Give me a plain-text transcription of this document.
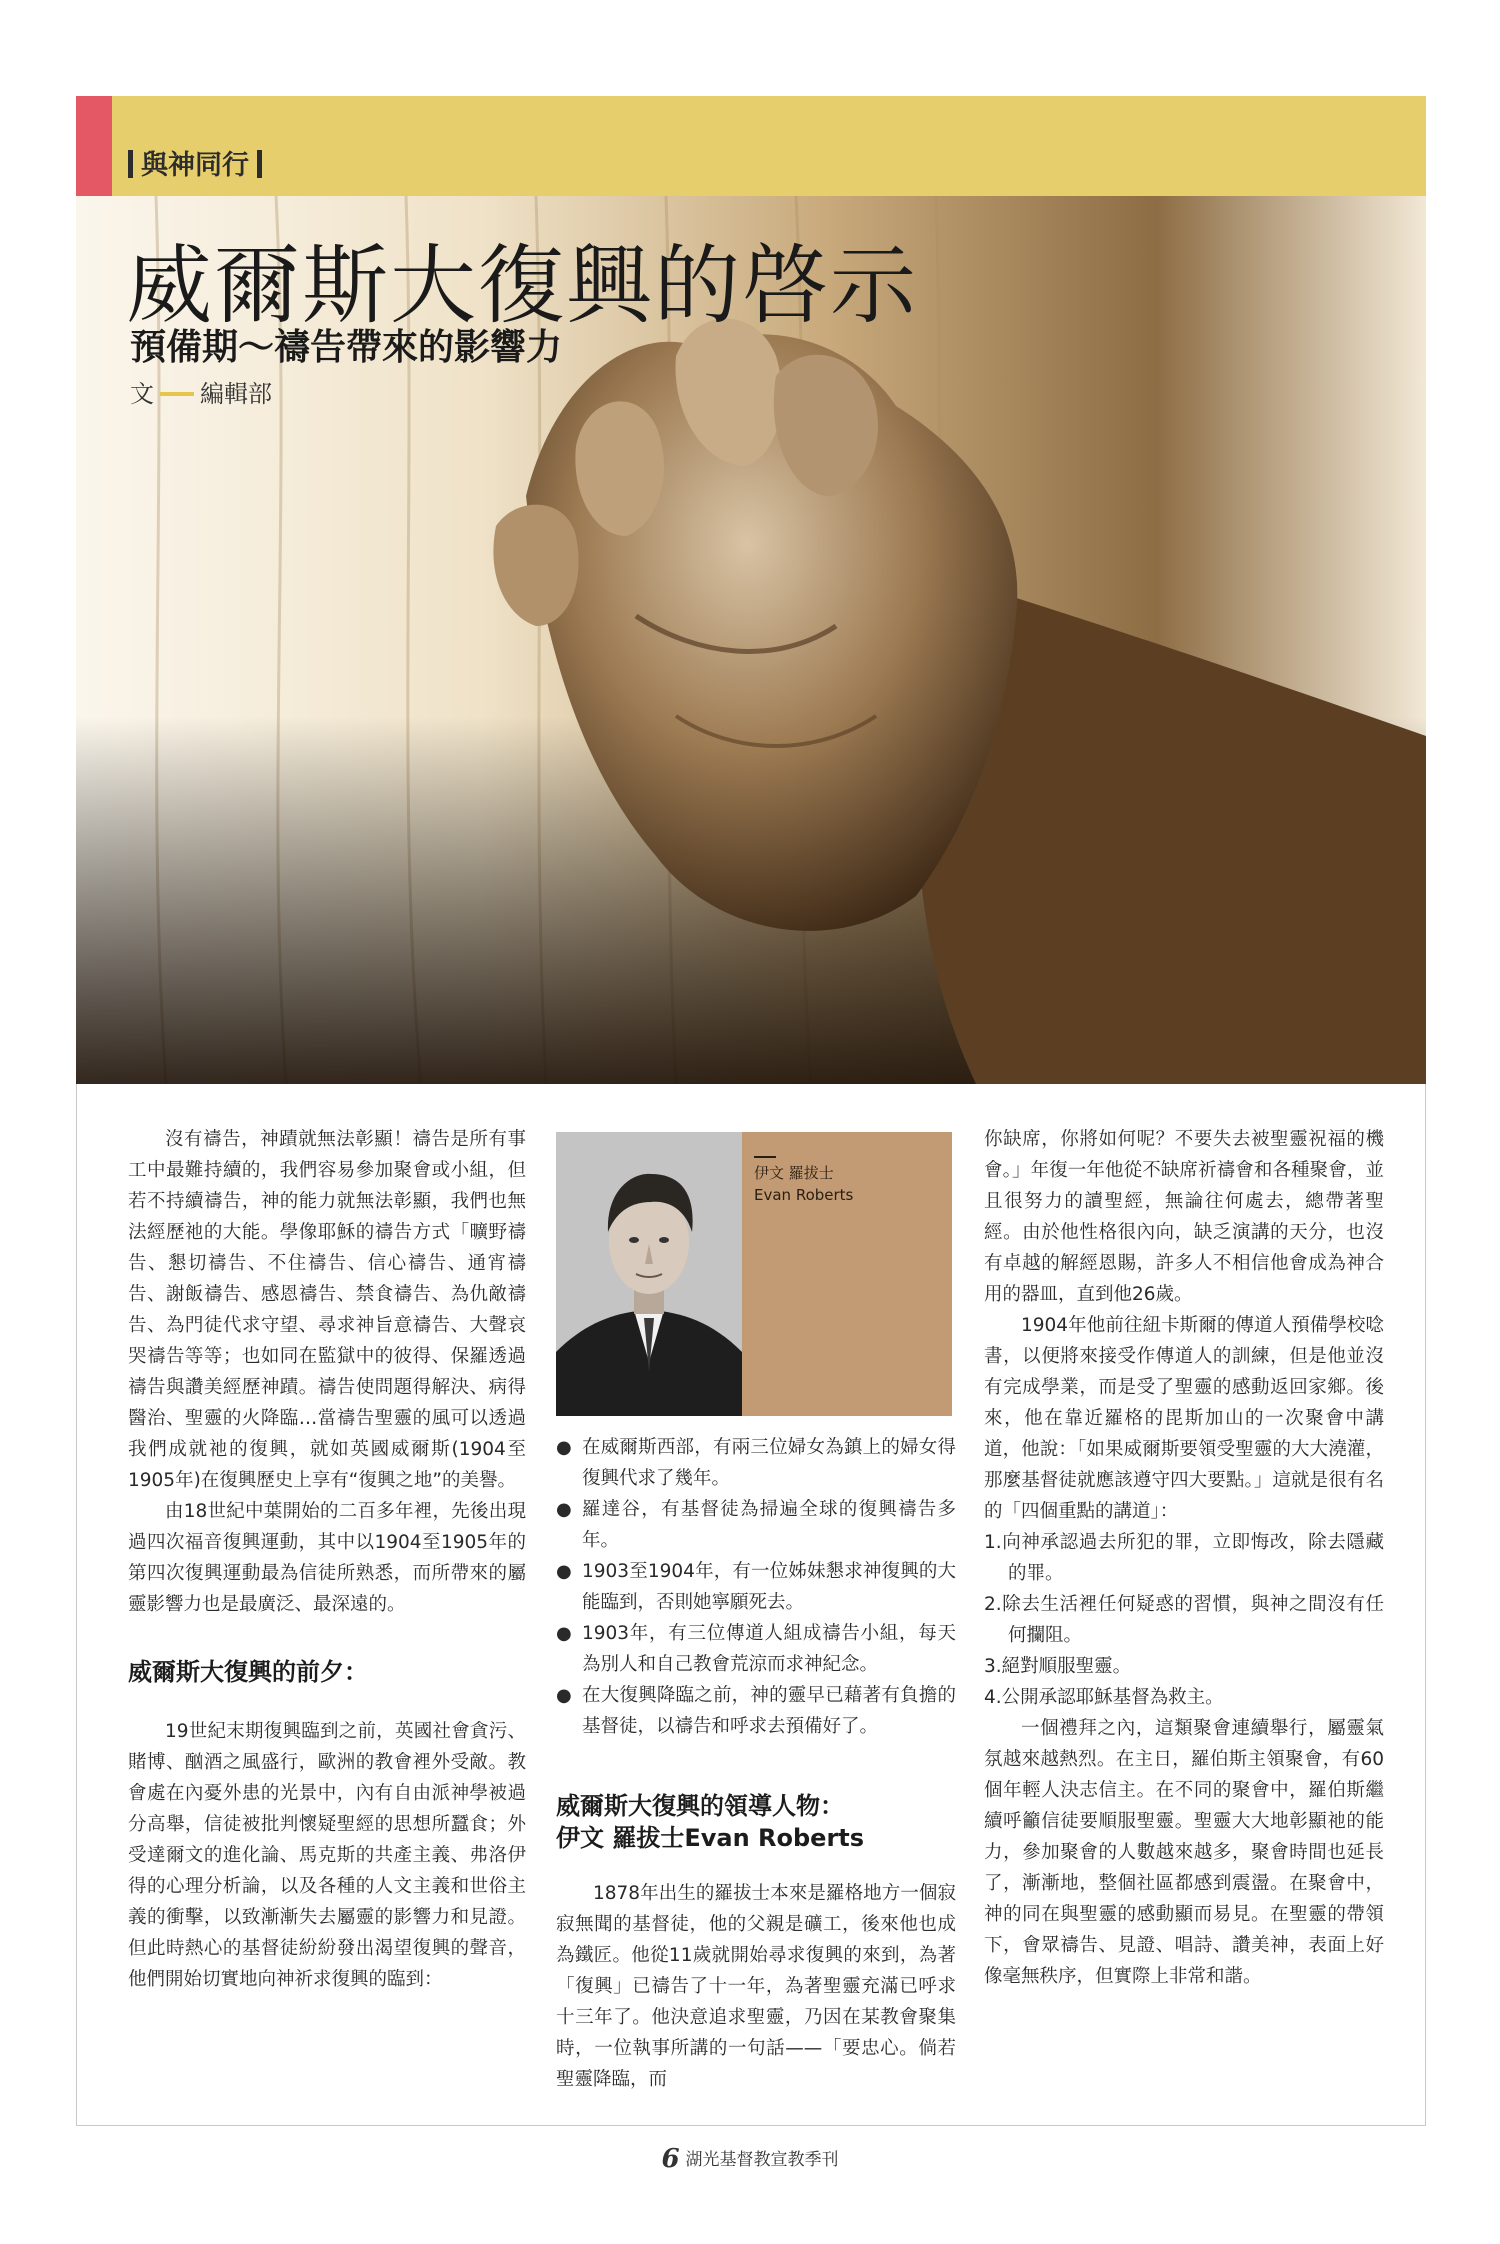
與神同行
威爾斯大復興的啓示
預備期～禱告帶來的影響力
文 編輯部

沒有禱告，神蹟就無法彰顯！禱告是所有事工中最難持續的，我們容易參加聚會或小組，但若不持續禱告，神的能力就無法彰顯，我們也無法經歷祂的大能。學像耶穌的禱告方式「曠野禱告、懇切禱告、不住禱告、信心禱告、通宵禱告、謝飯禱告、感恩禱告、禁食禱告、為仇敵禱告、為門徒代求守望、尋求神旨意禱告、大聲哀哭禱告等等；也如同在監獄中的彼得、保羅透過禱告與讚美經歷神蹟。禱告使問題得解決、病得醫治、聖靈的火降臨…當禱告聖靈的風可以透過我們成就祂的復興，就如英國威爾斯(1904至1905年)在復興歷史上享有“復興之地”的美譽。

由18世紀中葉開始的二百多年裡，先後出現過四次福音復興運動，其中以1904至1905年的第四次復興運動最為信徒所熟悉，而所帶來的屬靈影響力也是最廣泛、最深遠的。

威爾斯大復興的前夕：

19世紀末期復興臨到之前，英國社會貪污、賭博、酗酒之風盛行，歐洲的教會裡外受敵。教會處在內憂外患的光景中，內有自由派神學被過分高舉，信徒被批判懷疑聖經的思想所蠶食；外受達爾文的進化論、馬克斯的共產主義、弗洛伊得的心理分析論，以及各種的人文主義和世俗主義的衝擊，以致漸漸失去屬靈的影響力和見證。但此時熱心的基督徒紛紛發出渴望復興的聲音，他們開始切實地向神祈求復興的臨到：

伊文 羅拔士
Evan Roberts
● 在威爾斯西部，有兩三位婦女為鎮上的婦女得復興代求了幾年。
● 羅達谷，有基督徒為掃遍全球的復興禱告多年。
● 1903至1904年，有一位姊妹懇求神復興的大能臨到，否則她寧願死去。
● 1903年，有三位傳道人組成禱告小組，每天為別人和自己教會荒涼而求神紀念。
● 在大復興降臨之前，神的靈早已藉著有負擔的基督徒，以禱告和呼求去預備好了。
威爾斯大復興的領導人物：
伊文 羅拔士Evan Roberts

1878年出生的羅拔士本來是羅格地方一個寂寂無聞的基督徒，他的父親是礦工，後來他也成為鐵匠。他從11歲就開始尋求復興的來到，為著「復興」已禱告了十一年，為著聖靈充滿已呼求十三年了。他決意追求聖靈，乃因在某教會聚集時，一位執事所講的一句話——「要忠心。倘若聖靈降臨，而

你缺席，你將如何呢？不要失去被聖靈祝福的機會。」年復一年他從不缺席祈禱會和各種聚會，並且很努力的讀聖經，無論往何處去，總帶著聖經。由於他性格很內向，缺乏演講的天分，也沒有卓越的解經恩賜，許多人不相信他會成為神合用的器皿，直到他26歲。

1904年他前往紐卡斯爾的傳道人預備學校唸書，以便將來接受作傳道人的訓練，但是他並沒有完成學業，而是受了聖靈的感動返回家鄉。後來，他在靠近羅格的毘斯加山的一次聚會中講道，他說：「如果威爾斯要領受聖靈的大大澆灌，那麼基督徒就應該遵守四大要點。」這就是很有名的「四個重點的講道」：

1.向神承認過去所犯的罪，立即悔改，除去隱藏的罪。
2.除去生活裡任何疑惑的習慣，與神之間沒有任何攔阻。
3.絕對順服聖靈。
4.公開承認耶穌基督為救主。

一個禮拜之內，這類聚會連續舉行，屬靈氣氛越來越熱烈。在主日，羅伯斯主領聚會，有60個年輕人決志信主。在不同的聚會中，羅伯斯繼續呼籲信徒要順服聖靈。聖靈大大地彰顯祂的能力，參加聚會的人數越來越多，聚會時間也延長了，漸漸地，整個社區都感到震盪。在聚會中，神的同在與聖靈的感動顯而易見。在聖靈的帶領下，會眾禱告、見證、唱詩、讚美神，表面上好像毫無秩序，但實際上非常和諧。

6 湖光基督教宣教季刊
